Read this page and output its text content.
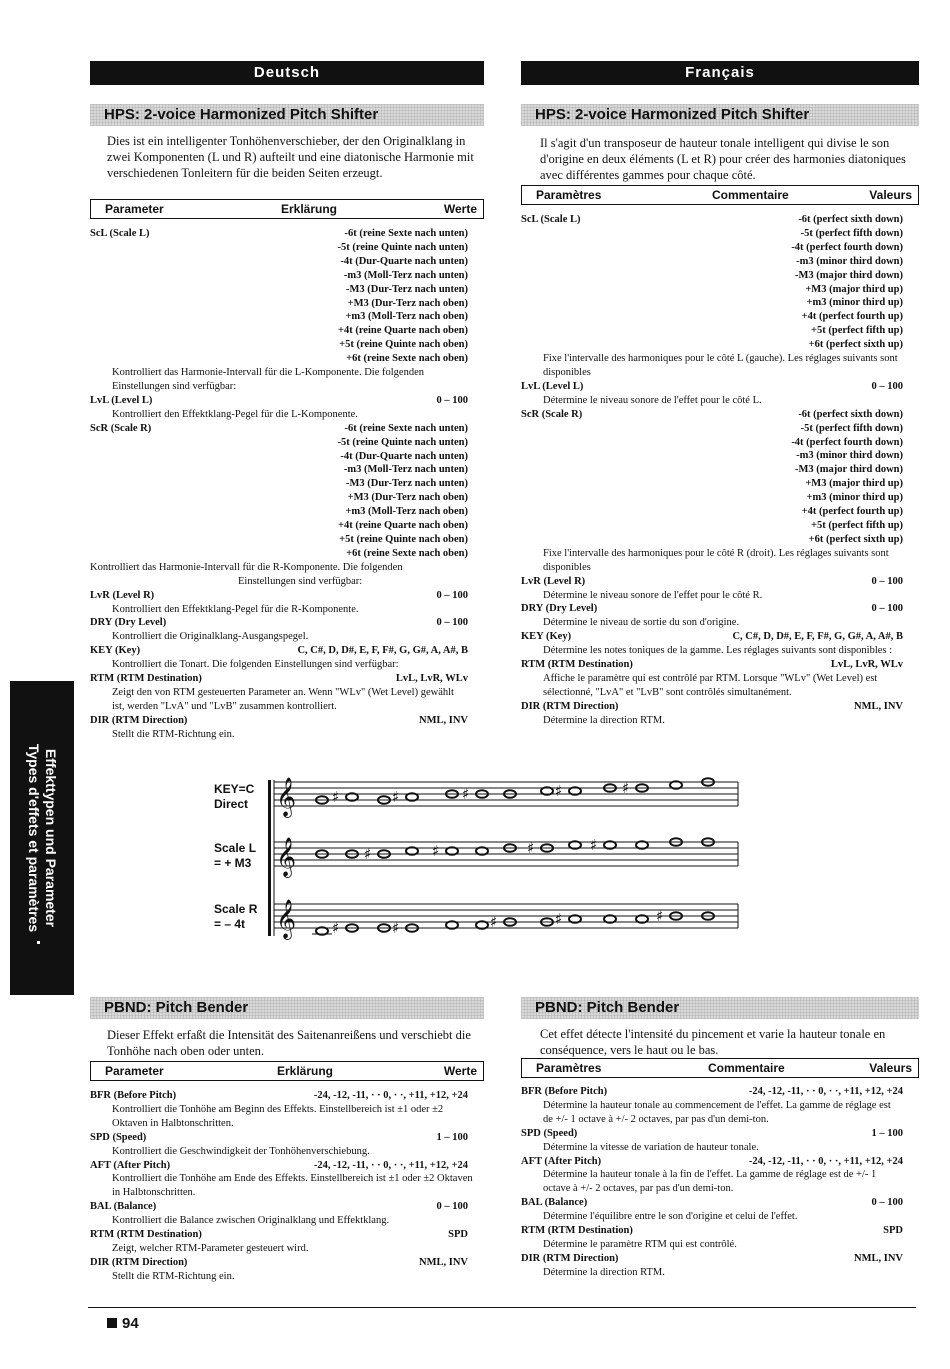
Deutsch	Français
HPS: 2-voice Harmonized Pitch Shifter	HPS: 2-voice Harmonized Pitch Shifter
Dies ist ein intelligenter Tonhöhenverschieber, der den Originalklang in zwei Komponenten (L und R) aufteilt und eine diatonische Harmonie mit verschiedenen Tonleitern für die beiden Seiten erzeugt.
Il s'agit d'un transposeur de hauteur tonale intelligent qui divise le son d'origine en deux éléments (L et R) pour créer des harmonies diatoniques avec différentes gammes pour chaque côté.
Parameter	Erklärung	Werte
Paramètres	Commentaire	Valeurs
ScL (Scale L)	-6t (reine Sexte nach unten)
-5t (reine Quinte nach unten)
-4t (Dur-Quarte nach unten)
-m3 (Moll-Terz nach unten)
-M3 (Dur-Terz nach unten)
+M3 (Dur-Terz nach oben)
+m3 (Moll-Terz nach oben)
+4t (reine Quarte nach oben)
+5t (reine Quinte nach oben)
+6t (reine Sexte nach oben)
Kontrolliert das Harmonie-Intervall für die L-Komponente. Die folgenden Einstellungen sind verfügbar:
LvL (Level L)	0 – 100
Kontrolliert den Effektklang-Pegel für die L-Komponente.
ScR (Scale R)	-6t (reine Sexte nach unten)
-5t (reine Quinte nach unten)
-4t (Dur-Quarte nach unten)
-m3 (Moll-Terz nach unten)
-M3 (Dur-Terz nach unten)
+M3 (Dur-Terz nach oben)
+m3 (Moll-Terz nach oben)
+4t (reine Quarte nach oben)
+5t (reine Quinte nach oben)
+6t (reine Sexte nach oben)
Kontrolliert das Harmonie-Intervall für die R-Komponente. Die folgenden
Einstellungen sind verfügbar:
LvR (Level R)	0 – 100
Kontrolliert den Effektklang-Pegel für die R-Komponente.
DRY (Dry Level)	0 – 100
Kontrolliert die Originalklang-Ausgangspegel.
KEY (Key)	C, C#, D, D#, E, F, F#, G, G#, A, A#, B
Kontrolliert die Tonart. Die folgenden Einstellungen sind verfügbar:
RTM (RTM Destination)	LvL, LvR, WLv
Zeigt den von RTM gesteuerten Parameter an. Wenn "WLv" (Wet Level) gewählt ist, werden "LvA" und "LvB" zusammen kontrolliert.
DIR (RTM Direction)	NML, INV
Stellt die RTM-Richtung ein.
ScL (Scale L)	-6t (perfect sixth down)
-5t (perfect fifth down)
-4t (perfect fourth down)
-m3 (minor third down)
-M3 (major third down)
+M3 (major third up)
+m3 (minor third up)
+4t (perfect fourth up)
+5t (perfect fifth up)
+6t (perfect sixth up)
Fixe l'intervalle des harmoniques pour le côté L (gauche). Les réglages suivants sont disponibles
LvL (Level L)	0 – 100
Détermine le niveau sonore de l'effet pour le côté L.
ScR (Scale R)	-6t (perfect sixth down)
-5t (perfect fifth down)
-4t (perfect fourth down)
-m3 (minor third down)
-M3 (major third down)
+M3 (major third up)
+m3 (minor third up)
+4t (perfect fourth up)
+5t (perfect fifth up)
+6t (perfect sixth up)
Fixe l'intervalle des harmoniques pour le côté R (droit). Les réglages suivants sont disponibles
LvR (Level R)	0 – 100
Détermine le niveau sonore de l'effet pour le côté R.
DRY (Dry Level)	0 – 100
Détermine le niveau de sortie du son d'origine.
KEY (Key)	C, C#, D, D#, E, F, F#, G, G#, A, A#, B
Détermine les notes toniques de la gamme. Les réglages suivants sont disponibles :
RTM (RTM Destination)	LvL, LvR, WLv
Affiche le paramètre qui est contrôlé par RTM. Lorsque "WLv" (Wet Level) est sélectionné, "LvA" et "LvB" sont contrôlés simultanément.
DIR (RTM Direction)	NML, INV
Détermine la direction RTM.
KEY=C
Direct
Scale L
= + M3
Scale R
= – 4t
𝄞 ♯	♯	♯	♯	♯
𝄞	♯	♯	♯	♯
𝄞 ♯	♯	♯	♯	♯
Effekttypen und Parameter
Types d'effets et paramètres
PBND: Pitch Bender	PBND: Pitch Bender
Dieser Effekt erfaßt die Intensität des Saitenanreißens und verschiebt die Tonhöhe nach oben oder unten.
Cet effet détecte l'intensité du pincement et varie la hauteur tonale en conséquence, vers le haut ou le bas.
Parameter	Erklärung	Werte	Paramètres	Commentaire	Valeurs
BFR (Before Pitch)	-24, -12, -11, · · 0, · ·, +11, +12, +24
Kontrolliert die Tonhöhe am Beginn des Effekts. Einstellbereich ist ±1 oder ±2 Oktaven in Halbtonschritten.
SPD (Speed)	1 – 100
Kontrolliert die Geschwindigkeit der Tonhöhenverschiebung.
AFT (After Pitch)	-24, -12, -11, · · 0, · ·, +11, +12, +24
Kontrolliert die Tonhöhe am Ende des Effekts. Einstellbereich ist ±1 oder ±2 Oktaven in Halbtonschritten.
BAL (Balance)	0 – 100
Kontrolliert die Balance zwischen Originalklang und Effektklang.
RTM (RTM Destination)	SPD
Zeigt, welcher RTM-Parameter gesteuert wird.
DIR (RTM Direction)	NML, INV
Stellt die RTM-Richtung ein.
BFR (Before Pitch)	-24, -12, -11, · · 0, · ·, +11, +12, +24
Détermine la hauteur tonale au commencement de l'effet. La gamme de réglage est de +/- 1 octave à +/- 2 octaves, par pas d'un demi-ton.
SPD (Speed)	1 – 100
Détermine la vitesse de variation de hauteur tonale.
AFT (After Pitch)	-24, -12, -11, · · 0, · ·, +11, +12, +24
Détermine la hauteur tonale à la fin de l'effet. La gamme de réglage est de +/- 1 octave à +/- 2 octaves, par pas d'un demi-ton.
BAL (Balance)	0 – 100
Détermine l'équilibre entre le son d'origine et celui de l'effet.
RTM (RTM Destination)	SPD
Détermine le paramètre RTM qui est contrôlé.
DIR (RTM Direction)	NML, INV
Détermine la direction RTM.
94
